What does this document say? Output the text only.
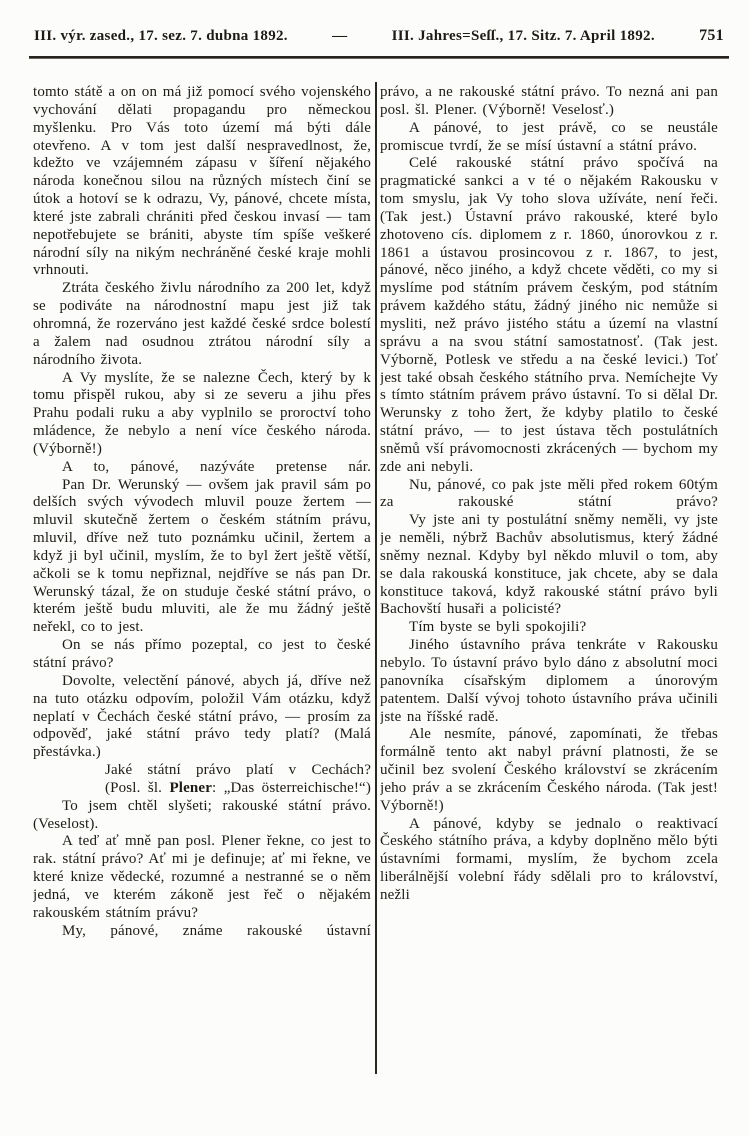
III. výr. zased., 17. sez. 7. dubna 1892.	—	III. Jahres=Seſſ., 17. Sitz. 7. April 1892.	751

tomto státě a on on má již pomocí svého vojenského vychování dělati propagandu pro německou myšlenku. Pro Vás toto území má býti dále otevřeno. A v tom jest další nespravedlnost, že, kdežto ve vzájemném zápasu v šíření nějakého národa konečnou silou na různých místech činí se útok a hotoví se k odrazu, Vy, pánové, chcete místa, které jste zabrali chrániti před českou invasí — tam nepotřebujete se brániti, abyste tím spíše veškeré národní síly na nikým nechráněné české kraje mohli vrhnouti.

Ztráta českého živlu národního za 200 let, když se podiváte na národnostní mapu jest již tak ohromná, že rozerváno jest každé české srdce bolestí a žalem nad osudnou ztrátou národní síly a národního života.

A Vy myslíte, že se nalezne Čech, který by k tomu přispěl rukou, aby si ze severu a jihu přes Prahu podali ruku a aby vyplnilo se proroctví toho mládence, že nebylo a není více českého národa. (Výborně!)

A to, pánové, nazýváte pretense nár.

Pan Dr. Werunský — ovšem jak pravil sám po delších svých vývodech mluvil pouze žertem — mluvil skutečně žertem o českém státním právu, mluvil, dříve než tuto poznámku učinil, žertem a když ji byl učinil, myslím, že to byl žert ještě větší, ačkoli se k tomu nepřiznal, nejdříve se nás pan Dr. Werunský tázal, že on studuje české státní právo, o kterém ještě budu mluviti, ale že mu žádný ještě neřekl, co to jest.

On se nás přímo pozeptal, co jest to české státní právo?

Dovolte, velectění pánové, abych já, dříve než na tuto otázku odpovím, položil Vám otázku, když neplatí v Čechách české státní právo, — prosím za odpověď, jaké státní právo tedy platí? (Malá přestávka.)

Jaké státní právo platí v Cechách?

(Posl. šl. Plener: „Das österreichische!“)

To jsem chtěl slyšeti; rakouské státní právo. (Veselost).

A teď ať mně pan posl. Plener řekne, co jest to rak. státní právo? Ať mi je definuje; ať mi řekne, ve které knize vědecké, rozumné a nestranné se o něm jedná, ve kterém zákoně jest řeč o nějakém rakouském státním právu?

My, pánové, známe rakouské ústavní

právo, a ne rakouské státní právo. To nezná ani pan posl. šl. Plener. (Výborně! Veselosť.)

A pánové, to jest právě, co se neustále promiscue tvrdí, že se mísí ústavní a státní právo.

Celé rakouské státní právo spočívá na pragmatické sankci a v té o nějakém Rakousku v tom smyslu, jak Vy toho slova užíváte, není řeči. (Tak jest.) Ústavní právo rakouské, které bylo zhotoveno cís. diplomem z r. 1860, únorovkou z r. 1861 a ústavou prosincovou z r. 1867, to jest, pánové, něco jiného, a když chcete věděti, co my si myslíme pod státním právem českým, pod státním právem každého státu, žádný jiného nic nemůže si mysliti, než právo jistého státu a území na vlastní správu a na svou státní samostatnosť. (Tak jest. Výborně, Potlesk ve středu a na české levici.) Toť jest také obsah českého státního prva. Nemíchejte Vy s tímto státním právem právo ústavní. To si dělal Dr. Werunsky z toho žert, že kdyby platilo to české státní právo, — to jest ústava těch postulátních sněmů vší právomocnosti zkrácených — bychom my zde ani nebyli.

Nu, pánové, co pak jste měli před rokem 60tým za rakouské státní právo?

Vy jste ani ty postulátní sněmy neměli, vy jste je neměli, nýbrž Bachův absolutismus, který žádné sněmy neznal. Kdyby byl někdo mluvil o tom, aby se dala rakouská konstituce, jak chcete, aby se dala konstituce taková, když rakouské státní právo byli Bachovští husaři a policisté?

Tím byste se byli spokojili?

Jiného ústavního práva tenkráte v Rakousku nebylo. To ústavní právo bylo dáno z absolutní moci panovníka císařským diplomem a únorovým patentem. Další vývoj tohoto ústavního práva učinili jste na říšské radě.

Ale nesmíte, pánové, zapomínati, že třebas formálně tento akt nabyl právní platnosti, že se učinil bez svolení Českého království se zkrácením jeho práv a se zkrácením Českého národa. (Tak jest! Výborně!)

A pánové, kdyby se jednalo o reaktivací Českého státního práva, a kdyby doplněno mělo býti ústavními formami, myslím, že bychom zcela liberálnější volební řády sdělali pro to království, nežli
